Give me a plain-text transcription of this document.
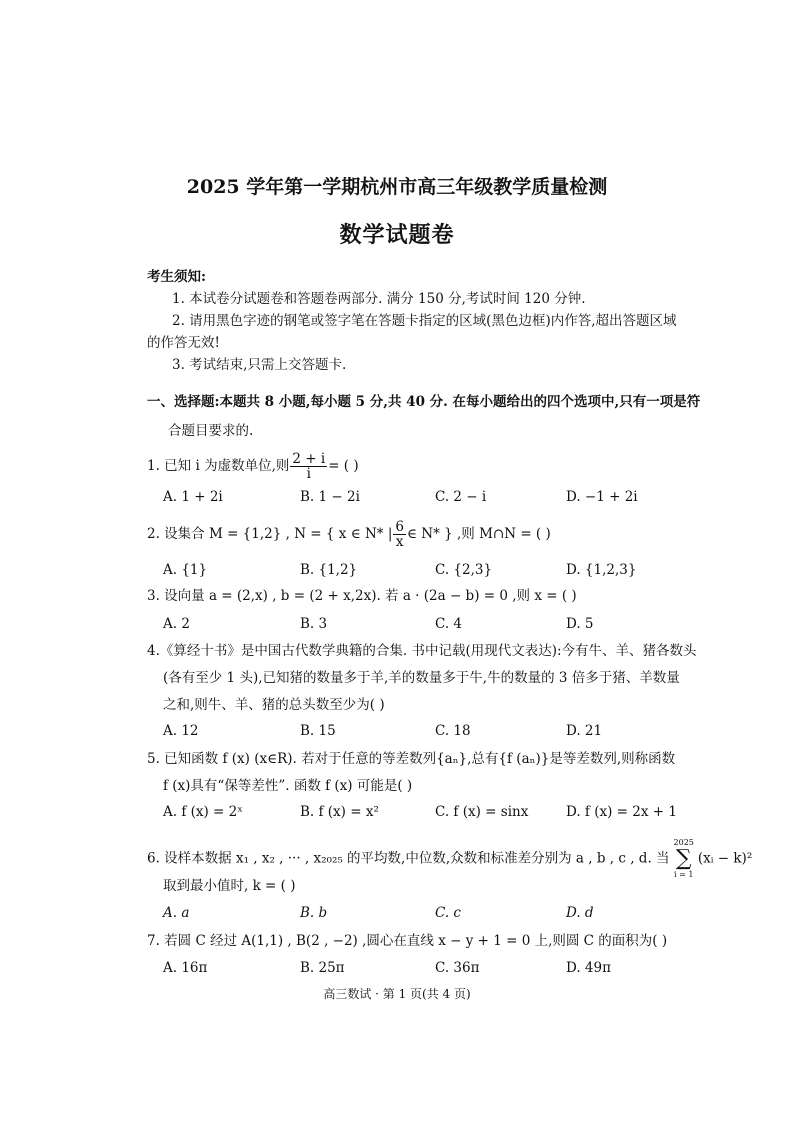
2025 学年第一学期杭州市高三年级教学质量检测
数学试题卷
考生须知:
1. 本试卷分试题卷和答题卷两部分. 满分 150 分,考试时间 120 分钟.
2. 请用黑色字迹的钢笔或签字笔在答题卡指定的区域(黑色边框)内作答,超出答题区域
的作答无效!
3. 考试结束,只需上交答题卡.
一、选择题:本题共 8 小题,每小题 5 分,共 40 分. 在每小题给出的四个选项中,只有一项是符
合题目要求的.
1. 已知 i 为虚数单位,则 $\frac{2 + i}{i}$ = ( )
A. 1 + 2i	B. 1 − 2i	C. 2 − i	D. −1 + 2i
2. 设集合 M = {1,2} , N = { x ∈ N* | $\frac{6}{x}$ ∈ N* } ,则 M∩N = ( )
A. {1}	B. {1,2}	C. {2,3}	D. {1,2,3}
3. 设向量 a = (2,x) , b = (2 + x,2x). 若 a · (2a − b) = 0 ,则 x = ( )
A. 2	B. 3	C. 4	D. 5
4.《算经十书》是中国古代数学典籍的合集. 书中记载(用现代文表达):今有牛、羊、猪各数头
(各有至少 1 头),已知猪的数量多于羊,羊的数量多于牛,牛的数量的 3 倍多于猪、羊数量
之和,则牛、羊、猪的总头数至少为( )
A. 12	B. 15	C. 18	D. 21
5. 已知函数 f (x) (x∈R). 若对于任意的等差数列{aₙ},总有{f (aₙ)}是等差数列,则称函数
f (x)具有“保等差性”. 函数 f (x) 可能是( )
A. f (x) = 2ˣ	B. f (x) = x²	C. f (x) = sinx	D. f (x) = 2x + 1
6. 设样本数据 x₁ , x₂ , ··· , x₂₀₂₅ 的平均数,中位数,众数和标准差分别为 a , b , c , d. 当
2025
∑
i = 1
(xᵢ − k)²
取到最小值时, k = ( )
A. a	B. b	C. c	D. d
7. 若圆 C 经过 A(1,1) , B(2 , −2) ,圆心在直线 x − y + 1 = 0 上,则圆 C 的面积为( )
A. 16π	B. 25π	C. 36π	D. 49π
高三数试 · 第 1 页(共 4 页)
